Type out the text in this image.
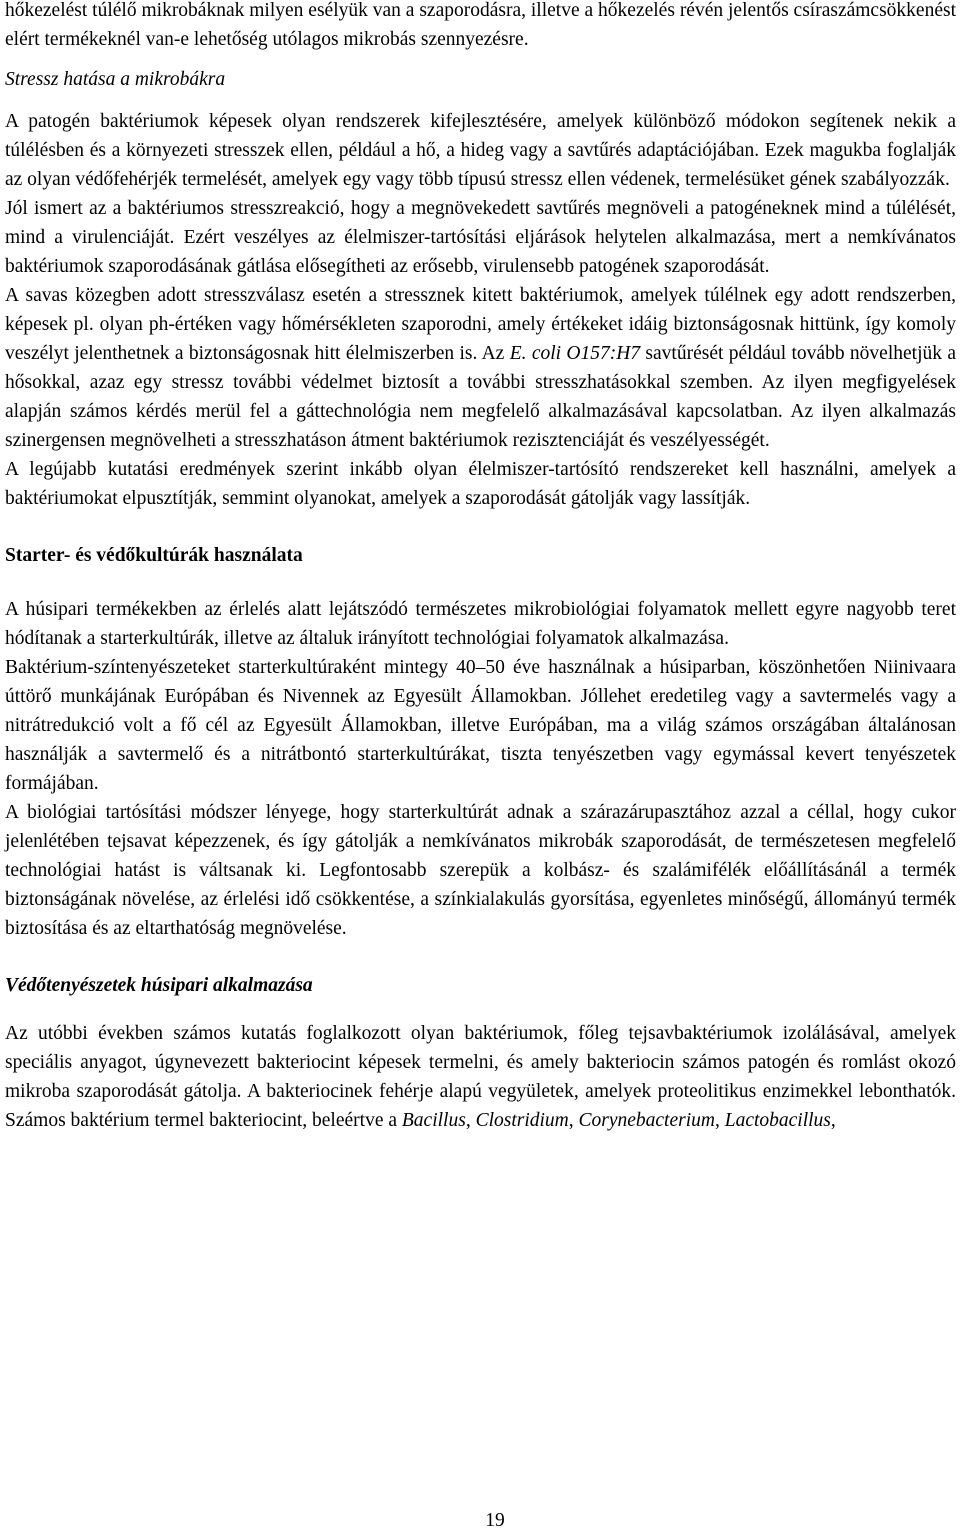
hőkezelést túlélő mikrobáknak milyen esélyük van a szaporodásra, illetve a hőkezelés révén jelentős csíraszámcsökkenést elért termékeknél van-e lehetőség utólagos mikrobás szennyezésre.

Stressz hatása a mikrobákra

A patogén baktériumok képesek olyan rendszerek kifejlesztésére, amelyek különböző módokon segítenek nekik a túlélésben és a környezeti stresszek ellen, például a hő, a hideg vagy a savtűrés adaptációjában. Ezek magukba foglalják az olyan védőfehérjék termelését, amelyek egy vagy több típusú stressz ellen védenek, termelésüket gének szabályozzák.

Jól ismert az a baktériumos stresszreakció, hogy a megnövekedett savtűrés megnöveli a patogéneknek mind a túlélését, mind a virulenciáját. Ezért veszélyes az élelmiszer-tartósítási eljárások helytelen alkalmazása, mert a nemkívánatos baktériumok szaporodásának gátlása elősegítheti az erősebb, virulensebb patogének szaporodását.

A savas közegben adott stresszválasz esetén a stressznek kitett baktériumok, amelyek túlélnek egy adott rendszerben, képesek pl. olyan ph-értéken vagy hőmérsékleten szaporodni, amely értékeket idáig biztonságosnak hittünk, így komoly veszélyt jelenthetnek a biztonságosnak hitt élelmiszerben is. Az E. coli O157:H7 savtűrését például tovább növelhetjük a hősokkal, azaz egy stressz további védelmet biztosít a további stresszhatásokkal szemben. Az ilyen megfigyelések alapján számos kérdés merül fel a gáttechnológia nem megfelelő alkalmazásával kapcsolatban. Az ilyen alkalmazás szinergensen megnövelheti a stresszhatáson átment baktériumok rezisztenciáját és veszélyességét.

A legújabb kutatási eredmények szerint inkább olyan élelmiszer-tartósító rendszereket kell használni, amelyek a baktériumokat elpusztítják, semmint olyanokat, amelyek a szaporodását gátolják vagy lassítják.

Starter- és védőkultúrák használata

A húsipari termékekben az érlelés alatt lejátszódó természetes mikrobiológiai folyamatok mellett egyre nagyobb teret hódítanak a starterkultúrák, illetve az általuk irányított technológiai folyamatok alkalmazása.

Baktérium-színtenyészeteket starterkultúraként mintegy 40–50 éve használnak a húsiparban, köszönhetően Niinivaara úttörő munkájának Európában és Nivennek az Egyesült Államokban. Jóllehet eredetileg vagy a savtermelés vagy a nitrátredukció volt a fő cél az Egyesült Államokban, illetve Európában, ma a világ számos országában általánosan használják a savtermelő és a nitrátbontó starterkultúrákat, tiszta tenyészetben vagy egymással kevert tenyészetek formájában.

A biológiai tartósítási módszer lényege, hogy starterkultúrát adnak a szárazárupasztához azzal a céllal, hogy cukor jelenlétében tejsavat képezzenek, és így gátolják a nemkívánatos mikrobák szaporodását, de természetesen megfelelő technológiai hatást is váltsanak ki. Legfontosabb szerepük a kolbász- és szalámifélék előállításánál a termék biztonságának növelése, az érlelési idő csökkentése, a színkialakulás gyorsítása, egyenletes minőségű, állományú termék biztosítása és az eltarthatóság megnövelése.

Védőtenyészetek húsipari alkalmazása

Az utóbbi években számos kutatás foglalkozott olyan baktériumok, főleg tejsavbaktériumok izolálásával, amelyek speciális anyagot, úgynevezett bakteriocint képesek termelni, és amely bakteriocin számos patogén és romlást okozó mikroba szaporodását gátolja. A bakteriocinek fehérje alapú vegyületek, amelyek proteolitikus enzimekkel lebonthatók. Számos baktérium termel bakteriocint, beleértve a Bacillus, Clostridium, Corynebacterium, Lactobacillus,

19
